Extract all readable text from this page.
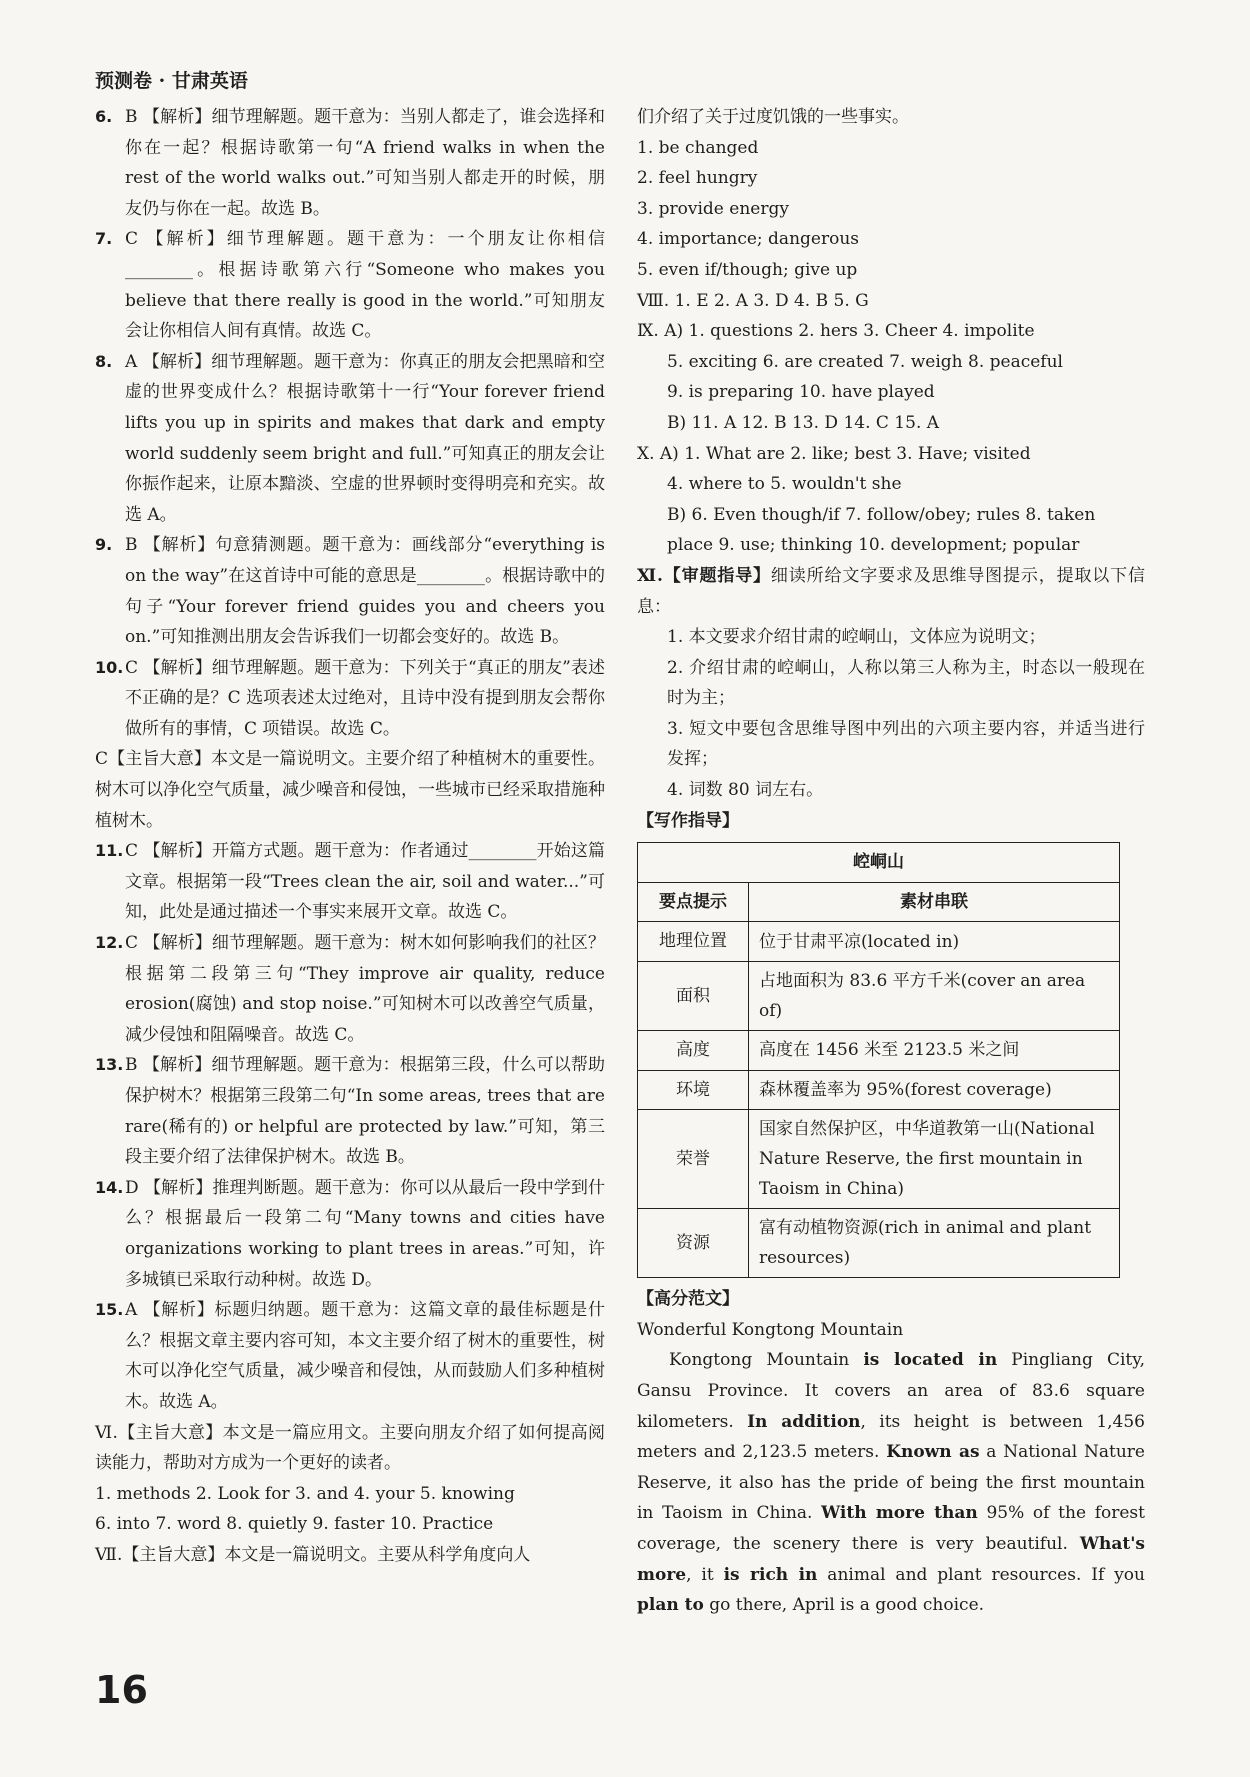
预测卷 · 甘肃英语
6. B 【解析】细节理解题。题干意为：当别人都走了，谁会选择和你在一起？根据诗歌第一句“A friend walks in when the rest of the world walks out.”可知当别人都走开的时候，朋友仍与你在一起。故选 B。
7. C 【解析】细节理解题。题干意为：一个朋友让你相信________。根据诗歌第六行“Someone who makes you believe that there really is good in the world.”可知朋友会让你相信人间有真情。故选 C。
8. A 【解析】细节理解题。题干意为：你真正的朋友会把黑暗和空虚的世界变成什么？根据诗歌第十一行“Your forever friend lifts you up in spirits and makes that dark and empty world suddenly seem bright and full.”可知真正的朋友会让你振作起来，让原本黯淡、空虚的世界顿时变得明亮和充实。故选 A。
9. B 【解析】句意猜测题。题干意为：画线部分“everything is on the way”在这首诗中可能的意思是________。根据诗歌中的句子“Your forever friend guides you and cheers you on.”可知推测出朋友会告诉我们一切都会变好的。故选 B。
10. C 【解析】细节理解题。题干意为：下列关于“真正的朋友”表述不正确的是？C 选项表述太过绝对，且诗中没有提到朋友会帮你做所有的事情，C 项错误。故选 C。

C【主旨大意】本文是一篇说明文。主要介绍了种植树木的重要性。树木可以净化空气质量，减少噪音和侵蚀，一些城市已经采取措施种植树木。

11. C 【解析】开篇方式题。题干意为：作者通过________开始这篇文章。根据第一段“Trees clean the air, soil and water...”可知，此处是通过描述一个事实来展开文章。故选 C。
12. C 【解析】细节理解题。题干意为：树木如何影响我们的社区？根据第二段第三句“They improve air quality, reduce erosion(腐蚀) and stop noise.”可知树木可以改善空气质量，减少侵蚀和阻隔噪音。故选 C。
13. B 【解析】细节理解题。题干意为：根据第三段，什么可以帮助保护树木？根据第三段第二句“In some areas, trees that are rare(稀有的) or helpful are protected by law.”可知，第三段主要介绍了法律保护树木。故选 B。
14. D 【解析】推理判断题。题干意为：你可以从最后一段中学到什么？根据最后一段第二句“Many towns and cities have organizations working to plant trees in areas.”可知，许多城镇已采取行动种树。故选 D。
15. A 【解析】标题归纳题。题干意为：这篇文章的最佳标题是什么？根据文章主要内容可知，本文主要介绍了树木的重要性，树木可以净化空气质量，减少噪音和侵蚀，从而鼓励人们多种植树木。故选 A。

Ⅵ.【主旨大意】本文是一篇应用文。主要向朋友介绍了如何提高阅读能力，帮助对方成为一个更好的读者。

1. methods 2. Look for 3. and 4. your 5. knowing

6. into 7. word 8. quietly 9. faster 10. Practice

Ⅶ.【主旨大意】本文是一篇说明文。主要从科学角度向人

们介绍了关于过度饥饿的一些事实。

1. be changed

2. feel hungry

3. provide energy

4. importance; dangerous

5. even if/though; give up

Ⅷ. 1. E 2. A 3. D 4. B 5. G

Ⅸ. A) 1. questions 2. hers 3. Cheer 4. impolite

5. exciting 6. are created 7. weigh 8. peaceful

9. is preparing 10. have played

B) 11. A 12. B 13. D 14. C 15. A

Ⅹ. A) 1. What are 2. like; best 3. Have; visited

4. where to 5. wouldn't she

B) 6. Even though/if 7. follow/obey; rules 8. taken

place 9. use; thinking 10. development; popular

Ⅺ.【审题指导】细读所给文字要求及思维导图提示，提取以下信息：

1. 本文要求介绍甘肃的崆峒山，文体应为说明文；

2. 介绍甘肃的崆峒山，人称以第三人称为主，时态以一般现在时为主；

3. 短文中要包含思维导图中列出的六项主要内容，并适当进行发挥；

4. 词数 80 词左右。

【写作指导】

崆峒山	
要点提示	素材串联
地理位置	位于甘肃平凉(located in)
面积	占地面积为 83.6 平方千米(cover an area of)
高度	高度在 1456 米至 2123.5 米之间
环境	森林覆盖率为 95%(forest coverage)
荣誉	国家自然保护区，中华道教第一山(National Nature Reserve, the first mountain in Taoism in China)
资源	富有动植物资源(rich in animal and plant resources)

【高分范文】

Wonderful Kongtong Mountain

Kongtong Mountain is located in Pingliang City, Gansu Province. It covers an area of 83.6 square kilometers. In addition, its height is between 1,456 meters and 2,123.5 meters. Known as a National Nature Reserve, it also has the pride of being the first mountain in Taoism in China. With more than 95% of the forest coverage, the scenery there is very beautiful. What's more, it is rich in animal and plant resources. If you plan to go there, April is a good choice.

16
